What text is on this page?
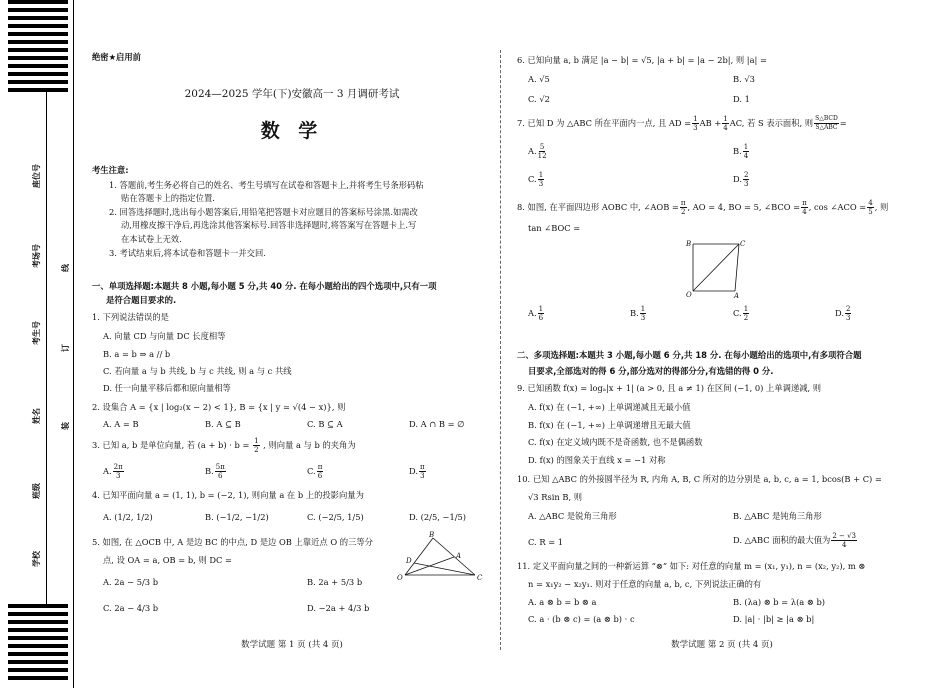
座位号
考场号
考生号
姓名
班级
学校
线
订
装
绝密★启用前
2024—2025 学年(下)安徽高一 3 月调研考试
数 学
考生注意:
1. 答题前,考生务必将自己的姓名、考生号填写在试卷和答题卡上,并将考生号条形码粘
贴在答题卡上的指定位置.
2. 回答选择题时,选出每小题答案后,用铅笔把答题卡对应题目的答案标号涂黑.如需改
动,用橡皮擦干净后,再选涂其他答案标号.回答非选择题时,将答案写在答题卡上.写
在本试卷上无效.
3. 考试结束后,将本试卷和答题卡一并交回.
一、单项选择题:本题共 8 小题,每小题 5 分,共 40 分. 在每小题给出的四个选项中,只有一项
是符合题目要求的.
1. 下列说法错误的是
A. 向量 CD 与向量 DC 长度相等
B. a = b ⇒ a // b
C. 若向量 a 与 b 共线, b 与 c 共线, 则 a 与 c 共线
D. 任一向量平移后都和原向量相等
2. 设集合 A = {x | log₂(x − 2) < 1}, B = {x | y = √(4 − x)}, 则
A. A = B	B. A ⊆ B	C. B ⊆ A	D. A ∩ B = ∅
3. 已知 a, b 是单位向量, 若 $(a + b) \cdot b = \frac{1}{2}$ , 则向量 a 与 b 的夹角为
A. $\frac{2\pi}{3}$	B. $\frac{5\pi}{6}$	C. $\frac{\pi}{6}$	D. $\frac{\pi}{3}$
4. 已知平面向量 a = (1, 1), b = (−2, 1), 则向量 a 在 b 上的投影向量为
A. (1/2, 1/2)	B. (−1/2, −1/2)	C. (−2/5, 1/5)	D. (2/5, −1/5)
5. 如图, 在 △OCB 中, A 是边 BC 的中点, D 是边 OB 上靠近点 O 的三等分
点, 设 OA = a, OB = b, 则 DC =
A. 2a − 5/3 b	B. 2a + 5/3 b
C. 2a − 4/3 b	D. −2a + 4/3 b
B
D
O
A
C
数学试题 第 1 页 (共 4 页)
6. 已知向量 a, b 满足 |a − b| = √5, |a + b| = |a − 2b|, 则 |a| =
A. √5	B. √3
C. √2	D. 1
7. 已知 D 为 △ABC 所在平面内一点, 且 AD = $\frac{1}{3}$ AB + $\frac{1}{4}$ AC, 若 S 表示面积, 则 $\frac{\text{S△BCD}}{\text{S△ABC}}$ =
A. $\frac{5}{12}$	B. $\frac{1}{4}$
C. $\frac{1}{3}$	D. $\frac{2}{3}$
8. 如图, 在平面四边形 AOBC 中, ∠AOB = $\frac{\pi}{2}$ , AO = 4, BO = 5, ∠BCO = $\frac{\pi}{4}$ , cos ∠ACO = $\frac{4}{5}$ , 则
tan ∠BOC =
B	C
O	A
A. $\frac{1}{6}$	B. $\frac{1}{3}$	C. $\frac{1}{2}$	D. $\frac{2}{3}$
二、多项选择题:本题共 3 小题,每小题 6 分,共 18 分. 在每小题给出的选项中,有多项符合题
目要求,全部选对的得 6 分,部分选对的得部分分,有选错的得 0 分.
9. 已知函数 f(x) = logₐ|x + 1| (a > 0, 且 a ≠ 1) 在区间 (−1, 0) 上单调递减, 则
A. f(x) 在 (−1, +∞) 上单调递减且无最小值
B. f(x) 在 (−1, +∞) 上单调递增且无最大值
C. f(x) 在定义域内既不是奇函数, 也不是偶函数
D. f(x) 的图象关于直线 x = −1 对称
10. 已知 △ABC 的外接圆半径为 R, 内角 A, B, C 所对的边分别是 a, b, c, a = 1, bcos(B + C) =
√3 Rsin B, 则
A. △ABC 是锐角三角形	B. △ABC 是钝角三角形
C. R = 1	D. △ABC 面积的最大值为 $\frac{2 - √3}{4}$
11. 定义平面向量之间的一种新运算 “⊗” 如下: 对任意的向量 m = (x₁, y₁), n = (x₂, y₂), m ⊗
n = x₁y₂ − x₂y₁. 则对于任意的向量 a, b, c, 下列说法正确的有
A. a ⊗ b = b ⊗ a	B. (λa) ⊗ b = λ(a ⊗ b)
C. a · (b ⊗ c) = (a ⊗ b) · c	D. |a| · |b| ≥ |a ⊗ b|
数学试题 第 2 页 (共 4 页)
